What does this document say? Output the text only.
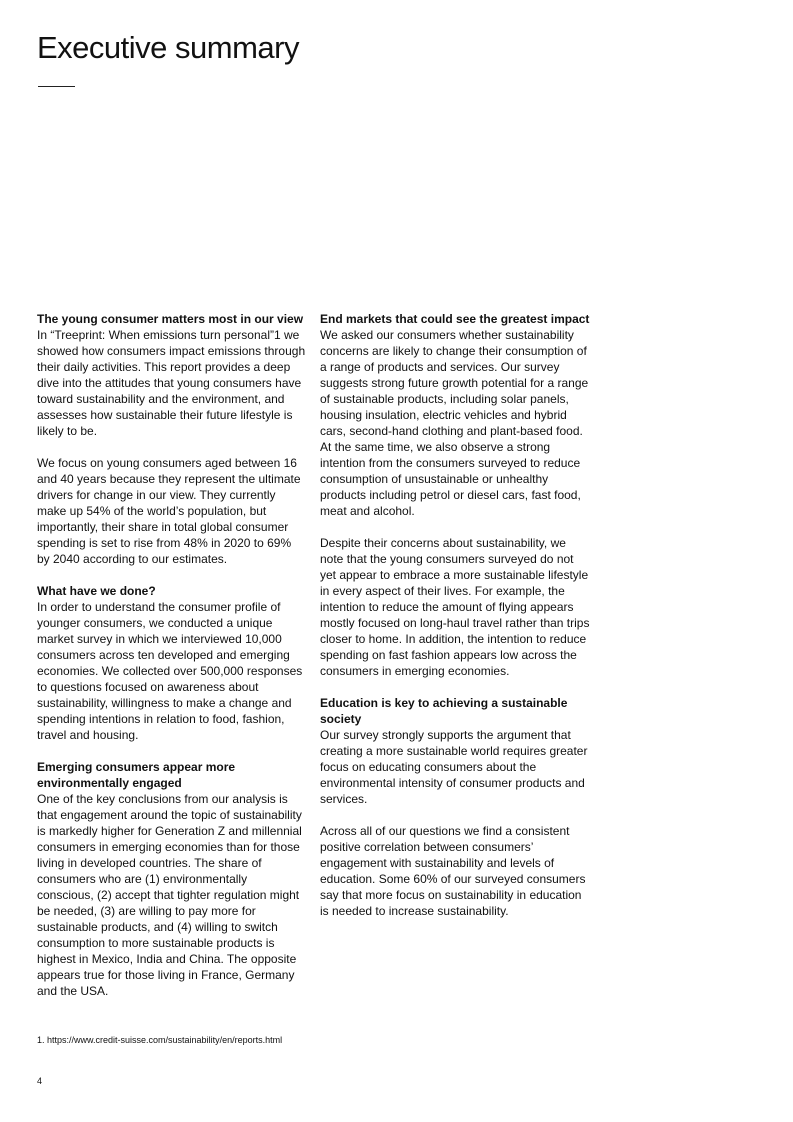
Executive summary
The young consumer matters most in our view

In “Treeprint: When emissions turn personal”1 we showed how consumers impact emissions through their daily activities. This report provides a deep dive into the attitudes that young consumers have toward sustainability and the environment, and assesses how sustainable their future lifestyle is likely to be.

We focus on young consumers aged between 16 and 40 years because they represent the ultimate drivers for change in our view. They currently make up 54% of the world’s population, but importantly, their share in total global consumer spending is set to rise from 48% in 2020 to 69% by 2040 according to our estimates.

What have we done?

In order to understand the consumer profile of younger consumers, we conducted a unique market survey in which we interviewed 10,000 consumers across ten developed and emerging economies. We collected over 500,000 responses to questions focused on awareness about sustainability, willingness to make a change and spending intentions in relation to food, fashion, travel and housing.

Emerging consumers appear more environmentally engaged

One of the key conclusions from our analysis is that engagement around the topic of sustainability is markedly higher for Generation Z and millennial consumers in emerging economies than for those living in developed countries. The share of consumers who are (1) environmentally conscious, (2) accept that tighter regulation might be needed, (3) are willing to pay more for sustainable products, and (4) willing to switch consumption to more sustainable products is highest in Mexico, India and China. The opposite appears true for those living in France, Germany and the USA.

End markets that could see the greatest impact

We asked our consumers whether sustainability concerns are likely to change their consumption of a range of products and services. Our survey suggests strong future growth potential for a range of sustainable products, including solar panels, housing insulation, electric vehicles and hybrid cars, second-hand clothing and plant-based food. At the same time, we also observe a strong intention from the consumers surveyed to reduce consumption of unsustainable or unhealthy products including petrol or diesel cars, fast food, meat and alcohol.

Despite their concerns about sustainability, we note that the young consumers surveyed do not yet appear to embrace a more sustainable lifestyle in every aspect of their lives. For example, the intention to reduce the amount of flying appears mostly focused on long-haul travel rather than trips closer to home. In addition, the intention to reduce spending on fast fashion appears low across the consumers in emerging economies.

Education is key to achieving a sustainable society

Our survey strongly supports the argument that creating a more sustainable world requires greater focus on educating consumers about the environmental intensity of consumer products and services.

Across all of our questions we find a consistent positive correlation between consumers’ engagement with sustainability and levels of education. Some 60% of our surveyed consumers say that more focus on sustainability in education is needed to increase sustainability.

1. https://www.credit-suisse.com/sustainability/en/reports.html
4
